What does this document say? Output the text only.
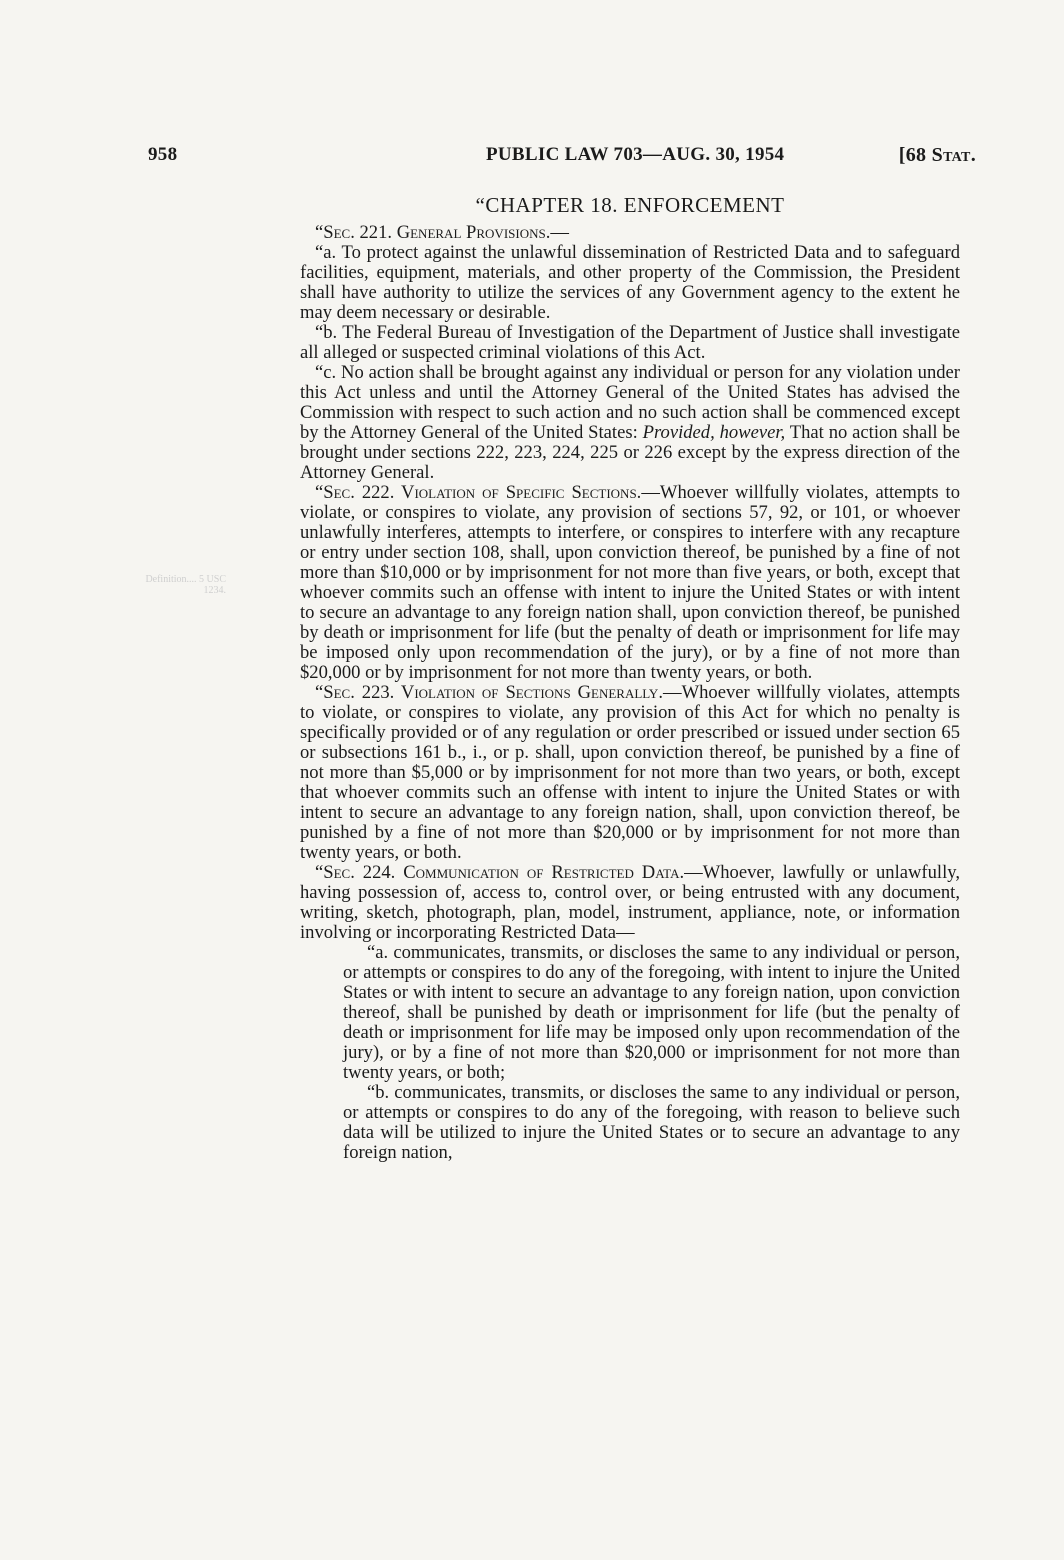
958	PUBLIC LAW 703—AUG. 30, 1954	[68 Stat.
Definition.... 5 USC 1234.
“CHAPTER 18. ENFORCEMENT

“Sec. 221. General Provisions.—

“a. To protect against the unlawful dissemination of Restricted Data and to safeguard facilities, equipment, materials, and other property of the Commission, the President shall have authority to utilize the services of any Government agency to the extent he may deem necessary or desirable.

“b. The Federal Bureau of Investigation of the Department of Justice shall investigate all alleged or suspected criminal violations of this Act.

“c. No action shall be brought against any individual or person for any violation under this Act unless and until the Attorney General of the United States has advised the Commission with respect to such action and no such action shall be commenced except by the Attorney General of the United States: Provided, however, That no action shall be brought under sections 222, 223, 224, 225 or 226 except by the express direction of the Attorney General.

“Sec. 222. Violation of Specific Sections.—Whoever willfully violates, attempts to violate, or conspires to violate, any provision of sections 57, 92, or 101, or whoever unlawfully interferes, attempts to interfere, or conspires to interfere with any recapture or entry under section 108, shall, upon conviction thereof, be punished by a fine of not more than $10,000 or by imprisonment for not more than five years, or both, except that whoever commits such an offense with intent to injure the United States or with intent to secure an advantage to any foreign nation shall, upon conviction thereof, be punished by death or imprisonment for life (but the penalty of death or imprisonment for life may be imposed only upon recommendation of the jury), or by a fine of not more than $20,000 or by imprisonment for not more than twenty years, or both.

“Sec. 223. Violation of Sections Generally.—Whoever willfully violates, attempts to violate, or conspires to violate, any provision of this Act for which no penalty is specifically provided or of any regulation or order prescribed or issued under section 65 or subsections 161 b., i., or p. shall, upon conviction thereof, be punished by a fine of not more than $5,000 or by imprisonment for not more than two years, or both, except that whoever commits such an offense with intent to injure the United States or with intent to secure an advantage to any foreign nation, shall, upon conviction thereof, be punished by a fine of not more than $20,000 or by imprisonment for not more than twenty years, or both.

“Sec. 224. Communication of Restricted Data.—Whoever, lawfully or unlawfully, having possession of, access to, control over, or being entrusted with any document, writing, sketch, photograph, plan, model, instrument, appliance, note, or information involving or incorporating Restricted Data—

“a. communicates, transmits, or discloses the same to any individual or person, or attempts or conspires to do any of the foregoing, with intent to injure the United States or with intent to secure an advantage to any foreign nation, upon conviction thereof, shall be punished by death or imprisonment for life (but the penalty of death or imprisonment for life may be imposed only upon recommendation of the jury), or by a fine of not more than $20,000 or imprisonment for not more than twenty years, or both;

“b. communicates, transmits, or discloses the same to any individual or person, or attempts or conspires to do any of the foregoing, with reason to believe such data will be utilized to injure the United States or to secure an advantage to any foreign nation,
